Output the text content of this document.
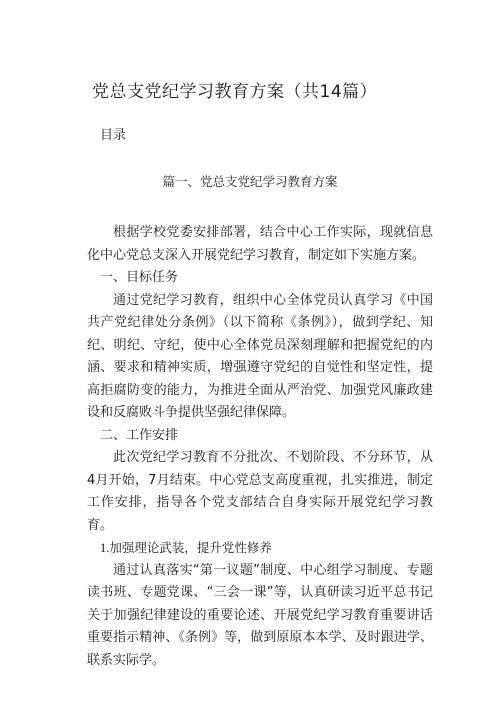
党总支党纪学习教育方案（共14篇）
目录
篇一、党总支党纪学习教育方案

根据学校党委安排部署，结合中心工作实际，现就信息化中心党总支深入开展党纪学习教育，制定如下实施方案。

一、目标任务

通过党纪学习教育，组织中心全体党员认真学习《中国共产党纪律处分条例》（以下简称《条例》），做到学纪、知纪、明纪、守纪，使中心全体党员深刻理解和把握党纪的内涵、要求和精神实质，增强遵守党纪的自觉性和坚定性，提高拒腐防变的能力，为推进全面从严治党、加强党风廉政建设和反腐败斗争提供坚强纪律保障。

二、工作安排

此次党纪学习教育不分批次、不划阶段、不分环节，从4月开始，7月结束。中心党总支高度重视，扎实推进，制定工作安排，指导各个党支部结合自身实际开展党纪学习教育。

1.加强理论武装，提升党性修养

通过认真落实“第一议题”制度、中心组学习制度、专题读书班、专题党课、“三会一课”等，认真研读习近平总书记关于加强纪律建设的重要论述、开展党纪学习教育重要讲话重要指示精神、《条例》等，做到原原本本学、及时跟进学、联系实际学。
